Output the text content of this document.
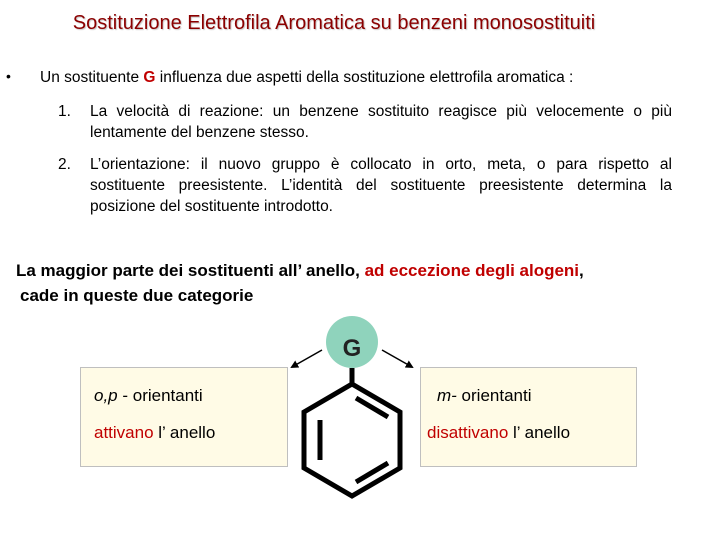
Sostituzione Elettrofila Aromatica su benzeni monosostituiti
• Un sostituente G influenza due aspetti della sostituzione elettrofila aromatica :
1. La velocità di reazione: un benzene sostituito reagisce più velocemente o più lentamente del benzene stesso.
2. L’orientazione: il nuovo gruppo è collocato in orto, meta, o para rispetto al sostituente preesistente. L’identità del sostituente preesistente determina la posizione del sostituente introdotto.
La maggior parte dei sostituenti all’ anello, ad eccezione degli alogeni,
cade in queste due categorie
o,p - orientanti
attivano l’ anello
m- orientanti
disattivano l’ anello
G
